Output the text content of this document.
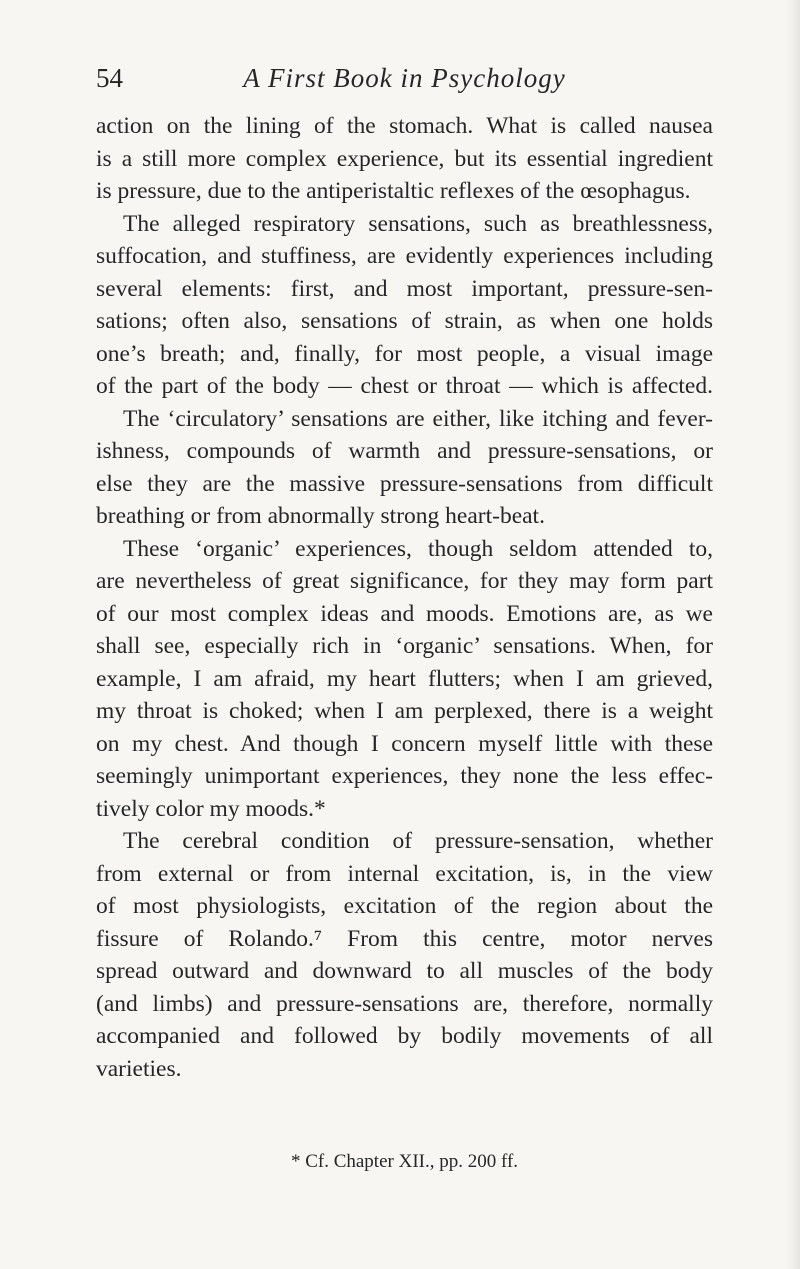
54	A First Book in Psychology
action on the lining of the stomach. What is called nausea
is a still more complex experience, but its essential ingredient
is pressure, due to the antiperistaltic reflexes of the œsophagus.
The alleged respiratory sensations, such as breathlessness,
suffocation, and stuffiness, are evidently experiences including
several elements: first, and most important, pressure-sen-
sations; often also, sensations of strain, as when one holds
one’s breath; and, finally, for most people, a visual image
of the part of the body — chest or throat — which is affected.
The ‘circulatory’ sensations are either, like itching and fever-
ishness, compounds of warmth and pressure-sensations, or
else they are the massive pressure-sensations from difficult
breathing or from abnormally strong heart-beat.
These ‘organic’ experiences, though seldom attended to,
are nevertheless of great significance, for they may form part
of our most complex ideas and moods. Emotions are, as we
shall see, especially rich in ‘organic’ sensations. When, for
example, I am afraid, my heart flutters; when I am grieved,
my throat is choked; when I am perplexed, there is a weight
on my chest. And though I concern myself little with these
seemingly unimportant experiences, they none the less effec-
tively color my moods.*
The cerebral condition of pressure-sensation, whether
from external or from internal excitation, is, in the view
of most physiologists, excitation of the region about the
fissure of Rolando.⁷ From this centre, motor nerves
spread outward and downward to all muscles of the body
(and limbs) and pressure-sensations are, therefore, normally
accompanied and followed by bodily movements of all
varieties.
* Cf. Chapter XII., pp. 200 ff.
